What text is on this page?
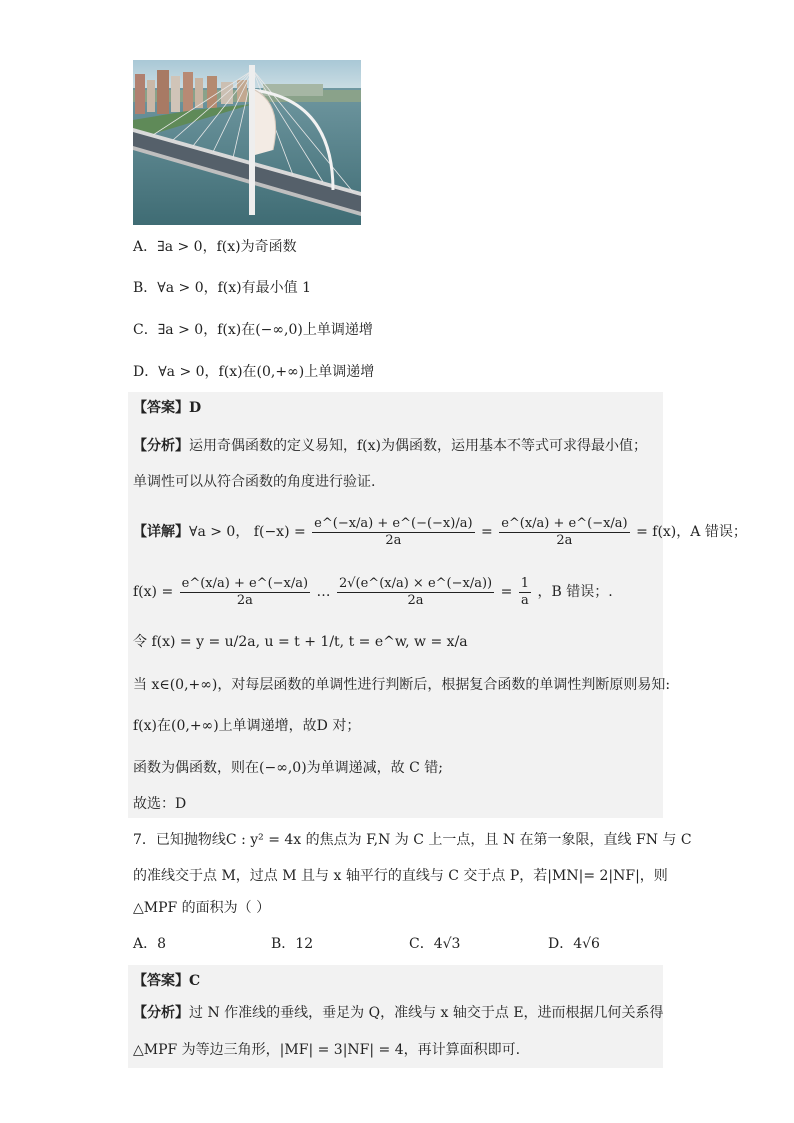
A．∃a > 0，f(x)为奇函数
B．∀a > 0，f(x)有最小值 1
C．∃a > 0，f(x)在(−∞,0)上单调递增
D．∀a > 0，f(x)在(0,+∞)上单调递增
【答案】D
【分析】运用奇偶函数的定义易知，f(x)为偶函数，运用基本不等式可求得最小值；
单调性可以从符合函数的角度进行验证.
【详解】∀a > 0， $f(-x) = \frac{e\^{}(-x/a) + e\^{}(-(-x)/a)}{2a} = \frac{e\^{}(x/a) + e\^{}(-x/a)}{2a} = f(x)$，A 错误；
$f(x) = \frac{e\^{}(x/a) + e\^{}(-x/a)}{2a}$ … $\frac{2√(e\^{}(x/a) \times e\^{}(-x/a))}{2a} = \frac{1}{a}$ ，B 错误；.
令 f(x) = y = u/2a, u = t + 1/t, t = e^w, w = x/a
当 x∈(0,+∞)，对每层函数的单调性进行判断后，根据复合函数的单调性判断原则易知:
f(x)在(0,+∞)上单调递增，故D 对；
函数为偶函数，则在(−∞,0)为单调递减，故 C 错;
故选：D
7．已知抛物线C : y² = 4x 的焦点为 F,N 为 C 上一点，且 N 在第一象限，直线 FN 与 C
的准线交于点 M，过点 M 且与 x 轴平行的直线与 C 交于点 P，若|MN|= 2|NF|，则
△MPF 的面积为（ ）
A．8	B．12	C．4√3	D．4√6
【答案】C
【分析】过 N 作准线的垂线，垂足为 Q，准线与 x 轴交于点 E，进而根据几何关系得
△MPF 为等边三角形，|MF| = 3|NF| = 4，再计算面积即可.
